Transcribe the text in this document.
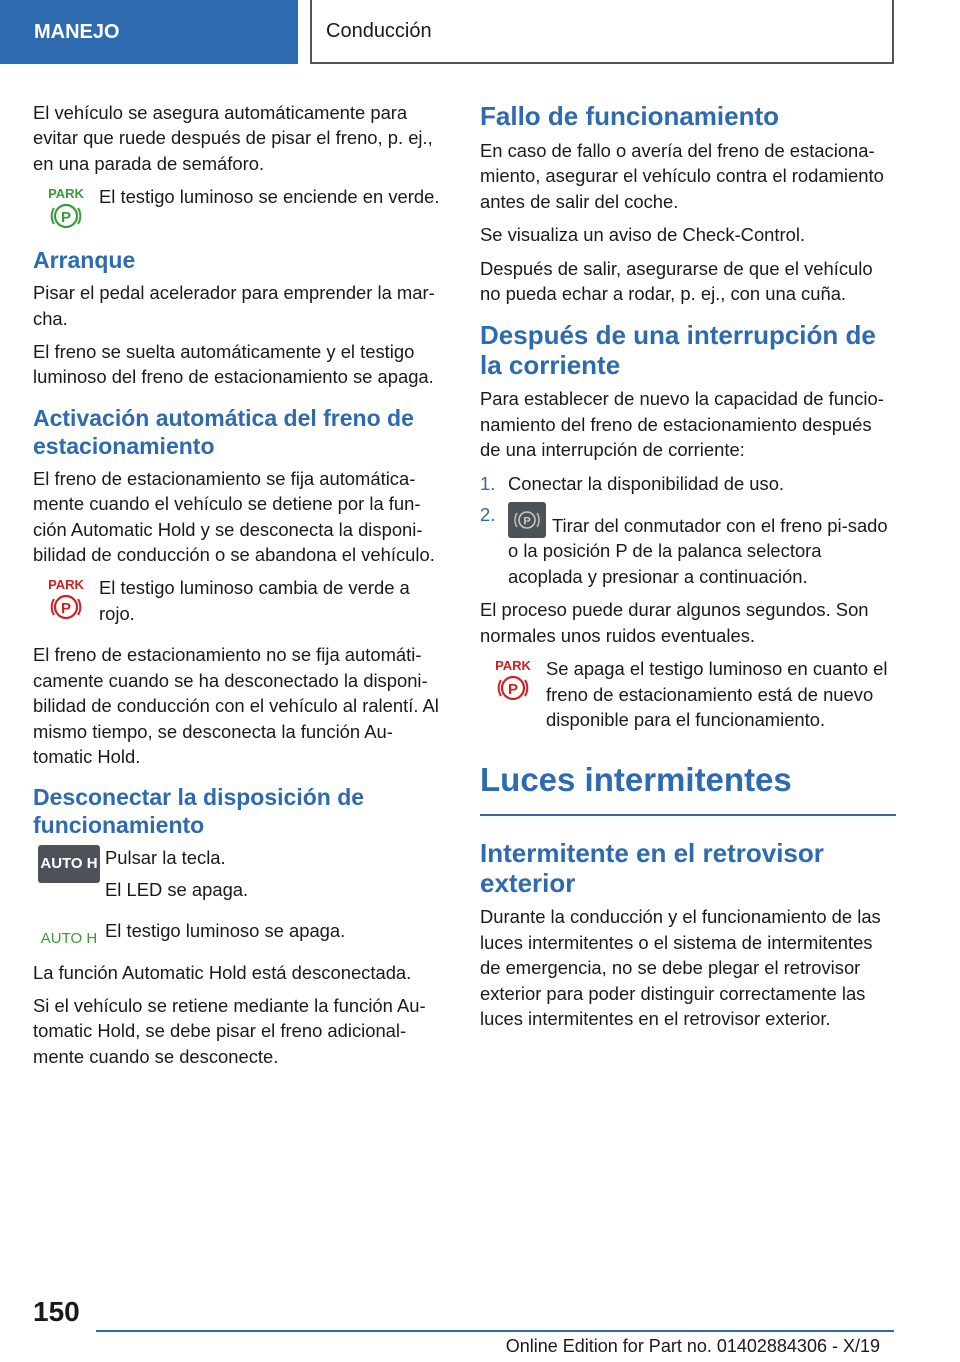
MANEJO	Conducción

El vehículo se asegura automáticamente para evitar que ruede después de pisar el freno, p. ej., en una parada de semáforo.

PARK
P

El testigo luminoso se enciende en verde.

Arranque

Pisar el pedal acelerador para emprender la mar-cha.

El freno se suelta automáticamente y el testigo luminoso del freno de estacionamiento se apaga.

Activación automática del freno de estacionamiento

El freno de estacionamiento se fija automática-mente cuando el vehículo se detiene por la fun-ción Automatic Hold y se desconecta la disponi-bilidad de conducción o se abandona el vehículo.

PARK
P

El testigo luminoso cambia de verde a rojo.

El freno de estacionamiento no se fija automáti-camente cuando se ha desconectado la disponi-bilidad de conducción con el vehículo al ralentí. Al mismo tiempo, se desconecta la función Au-tomatic Hold.

Desconectar la disposición de funcionamiento
AUTO H Pulsar la tecla.

El LED se apaga.

AUTO H El testigo luminoso se apaga.

La función Automatic Hold está desconectada.

Si el vehículo se retiene mediante la función Au-tomatic Hold, se debe pisar el freno adicional-mente cuando se desconecte.

Fallo de funcionamiento

En caso de fallo o avería del freno de estaciona-miento, asegurar el vehículo contra el rodamiento antes de salir del coche.

Se visualiza un aviso de Check-Control.

Después de salir, asegurarse de que el vehículo no pueda echar a rodar, p. ej., con una cuña.

Después de una interrupción de la corriente

Para establecer de nuevo la capacidad de funcio-namiento del freno de estacionamiento después de una interrupción de corriente:

1. Conectar la disponibilidad de uso.
2.	P Tirar del conmutador con el freno pi-sado o la posición P de la palanca selectora acoplada y presionar a continuación.

El proceso puede durar algunos segundos. Son normales unos ruidos eventuales.

PARK
P

Se apaga el testigo luminoso en cuanto el freno de estacionamiento está de nuevo disponible para el funcionamiento.

Luces intermitentes
Intermitente en el retrovisor exterior

Durante la conducción y el funcionamiento de las luces intermitentes o el sistema de intermitentes de emergencia, no se debe plegar el retrovisor exterior para poder distinguir correctamente las luces intermitentes en el retrovisor exterior.

150
Online Edition for Part no. 01402884306 - X/19
